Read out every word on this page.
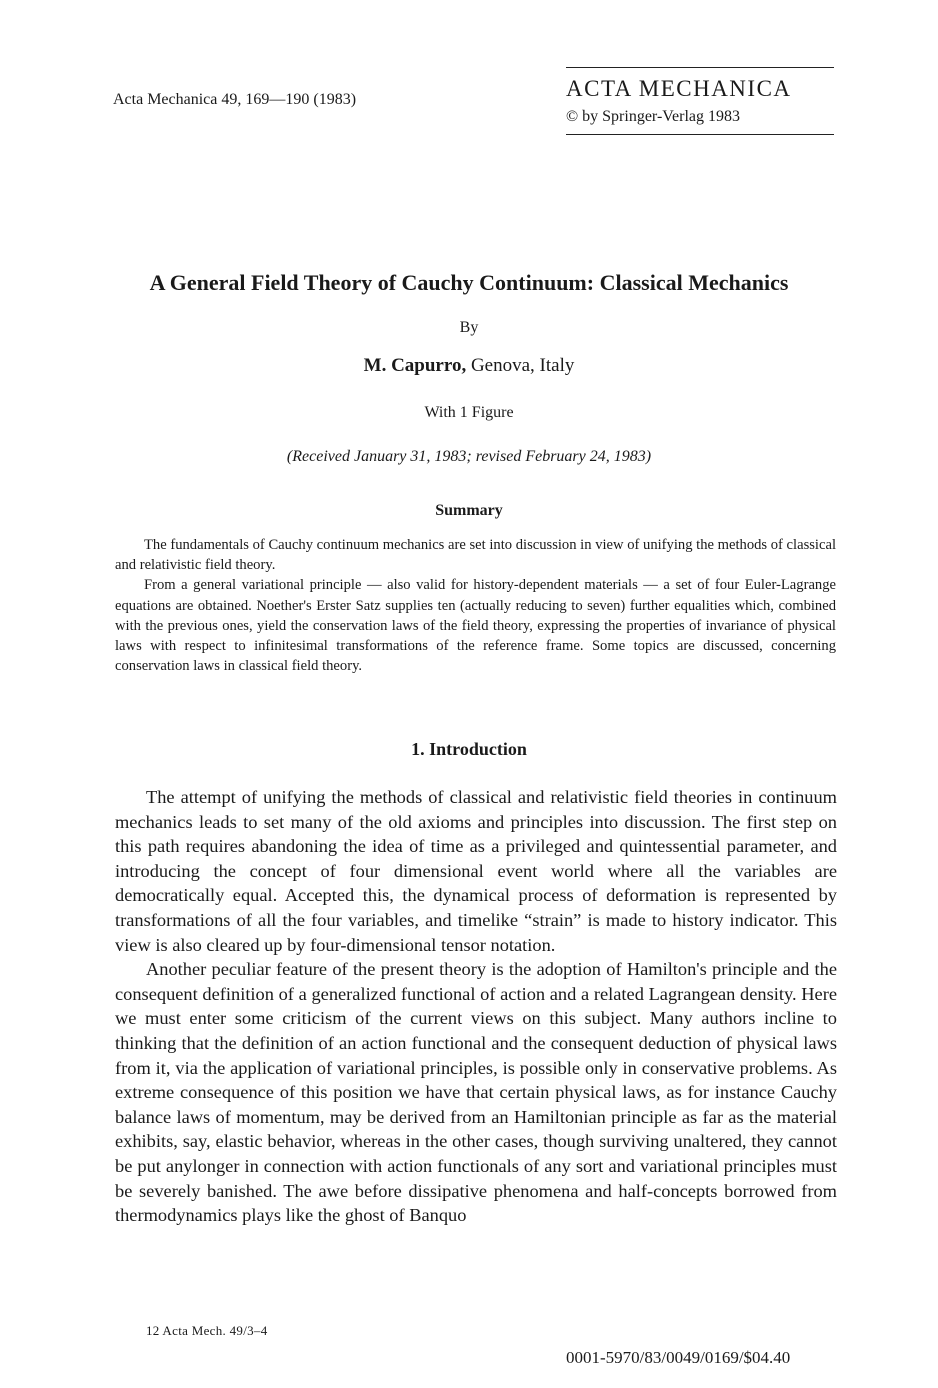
Acta Mechanica 49, 169—190 (1983)	ACTA MECHANICA
© by Springer-Verlag 1983
A General Field Theory of Cauchy Continuum: Classical Mechanics
By
M. Capurro, Genova, Italy
With 1 Figure
(Received January 31, 1983; revised February 24, 1983)
Summary

The fundamentals of Cauchy continuum mechanics are set into discussion in view of unifying the methods of classical and relativistic field theory.

From a general variational principle — also valid for history-dependent materials — a set of four Euler-Lagrange equations are obtained. Noether's Erster Satz supplies ten (actually reducing to seven) further equalities which, combined with the previous ones, yield the conservation laws of the field theory, expressing the properties of invariance of physical laws with respect to infinitesimal transformations of the reference frame. Some topics are discussed, concerning conservation laws in classical field theory.

1. Introduction

The attempt of unifying the methods of classical and relativistic field theories in continuum mechanics leads to set many of the old axioms and principles into discussion. The first step on this path requires abandoning the idea of time as a privileged and quintessential parameter, and introducing the concept of four dimensional event world where all the variables are democratically equal. Accepted this, the dynamical process of deformation is represented by transformations of all the four variables, and timelike “strain” is made to history indicator. This view is also cleared up by four-dimensional tensor notation.

Another peculiar feature of the present theory is the adoption of Hamilton's principle and the consequent definition of a generalized functional of action and a related Lagrangean density. Here we must enter some criticism of the current views on this subject. Many authors incline to thinking that the definition of an action functional and the consequent deduction of physical laws from it, via the application of variational principles, is possible only in conservative problems. As extreme consequence of this position we have that certain physical laws, as for instance Cauchy balance laws of momentum, may be derived from an Hamiltonian principle as far as the material exhibits, say, elastic behavior, whereas in the other cases, though surviving unaltered, they cannot be put anylonger in connection with action functionals of any sort and variational principles must be severely banished. The awe before dissipative phenomena and half-concepts borrowed from thermodynamics plays like the ghost of Banquo

12 Acta Mech. 49/3–4
0001-5970/83/0049/0169/$04.40
